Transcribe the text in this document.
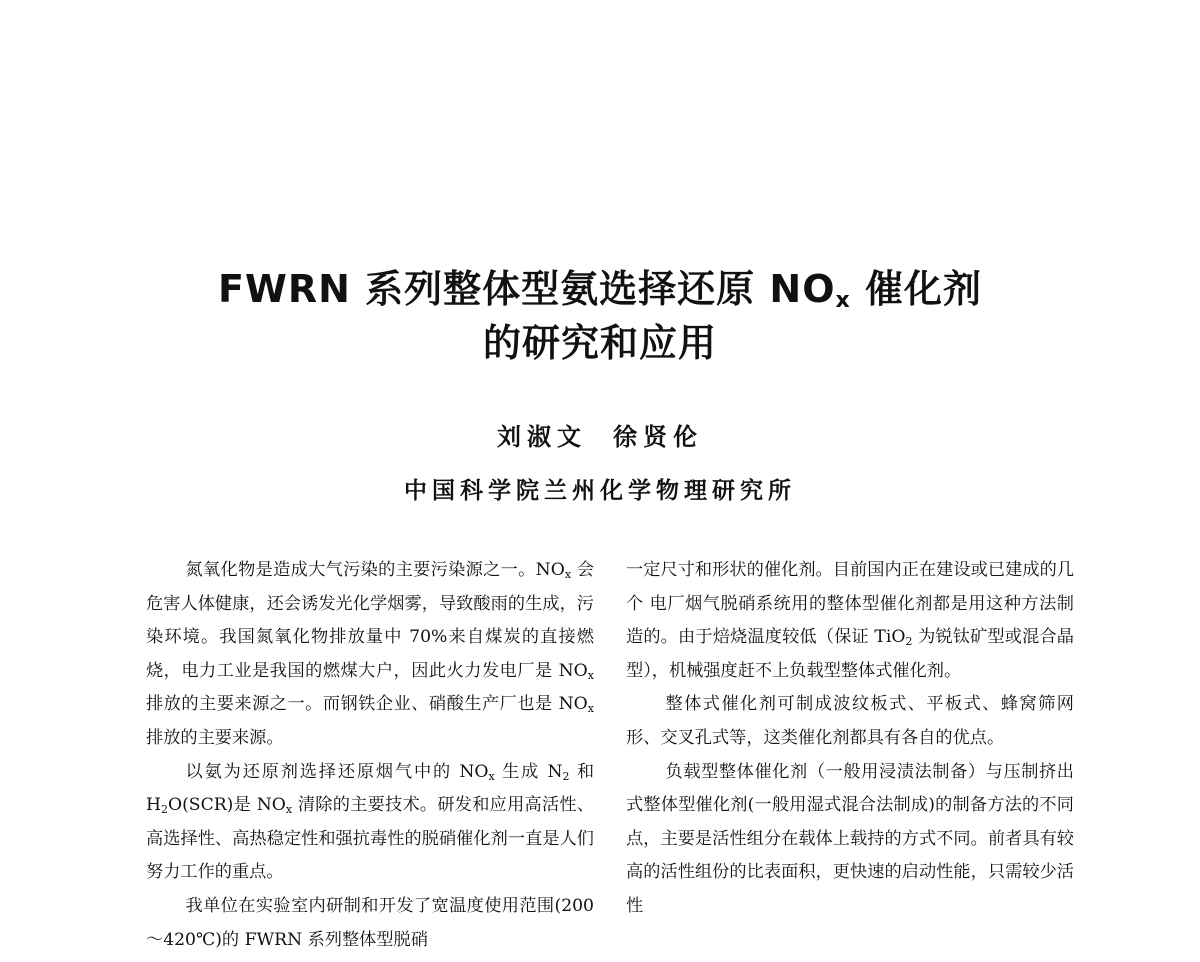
FWRN 系列整体型氨选择还原 $NO_x$ 催化剂
的研究和应用
刘淑文 徐贤伦
中国科学院兰州化学物理研究所

氮氧化物是造成大气污染的主要污染源之一。$NO_x$ 会危害人体健康，还会诱发光化学烟雾，导致酸雨的生成，污染环境。我国氮氧化物排放量中 70%来自煤炭的直接燃烧，电力工业是我国的燃煤大户，因此火力发电厂是 $NO_x$ 排放的主要来源之一。而钢铁企业、硝酸生产厂也是 $NO_x$ 排放的主要来源。

以氨为还原剂选择还原烟气中的 $NO_x$ 生成 $N_2$ 和 $H_2O(SCR)$是 $NO_x$ 清除的主要技术。研发和应用高活性、高选择性、高热稳定性和强抗毒性的脱硝催化剂一直是人们努力工作的重点。

我单位在实验室内研制和开发了宽温度使用范围(200～420℃)的 FWRN 系列整体型脱硝

一定尺寸和形状的催化剂。目前国内正在建设或已建成的几个 电厂烟气脱硝系统用的整体型催化剂都是用这种方法制造的。由于焙烧温度较低（保证 TiO$_2$ 为锐钛矿型或混合晶型），机械强度赶不上负载型整体式催化剂。

整体式催化剂可制成波纹板式、平板式、蜂窝筛网形、交叉孔式等，这类催化剂都具有各自的优点。

负载型整体催化剂（一般用浸渍法制备）与压制挤出式整体型催化剂(一般用湿式混合法制成)的制备方法的不同点，主要是活性组分在载体上载持的方式不同。前者具有较高的活性组份的比表面积，更快速的启动性能，只需较少活性
